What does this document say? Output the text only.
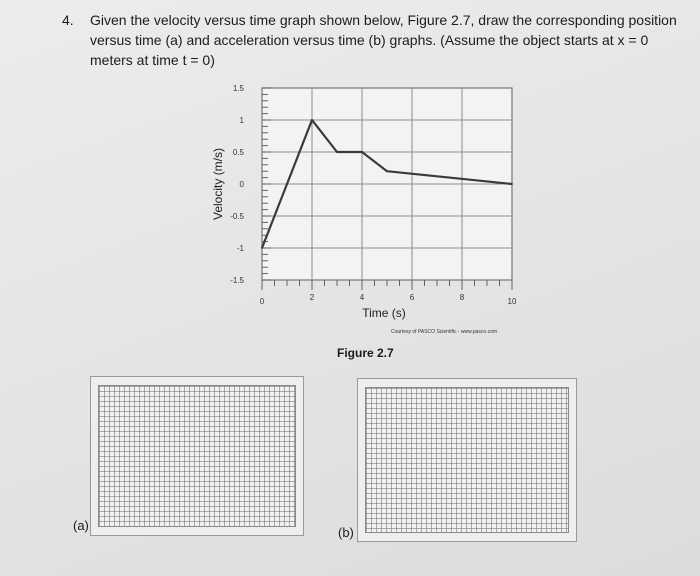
4. Given the velocity versus time graph shown below, Figure 2.7, draw the corresponding position versus time (a) and acceleration versus time (b) graphs. (Assume the object starts at x = 0 meters at time t = 0)
1.5
1
0.5
0
-0.5
-1
-1.5
0	2	4	6	8	10
Velocity (m/s)
Time (s)
Courtesy of PASCO Scientific - www.pasco.com
Figure 2.7
(a)	(b)
